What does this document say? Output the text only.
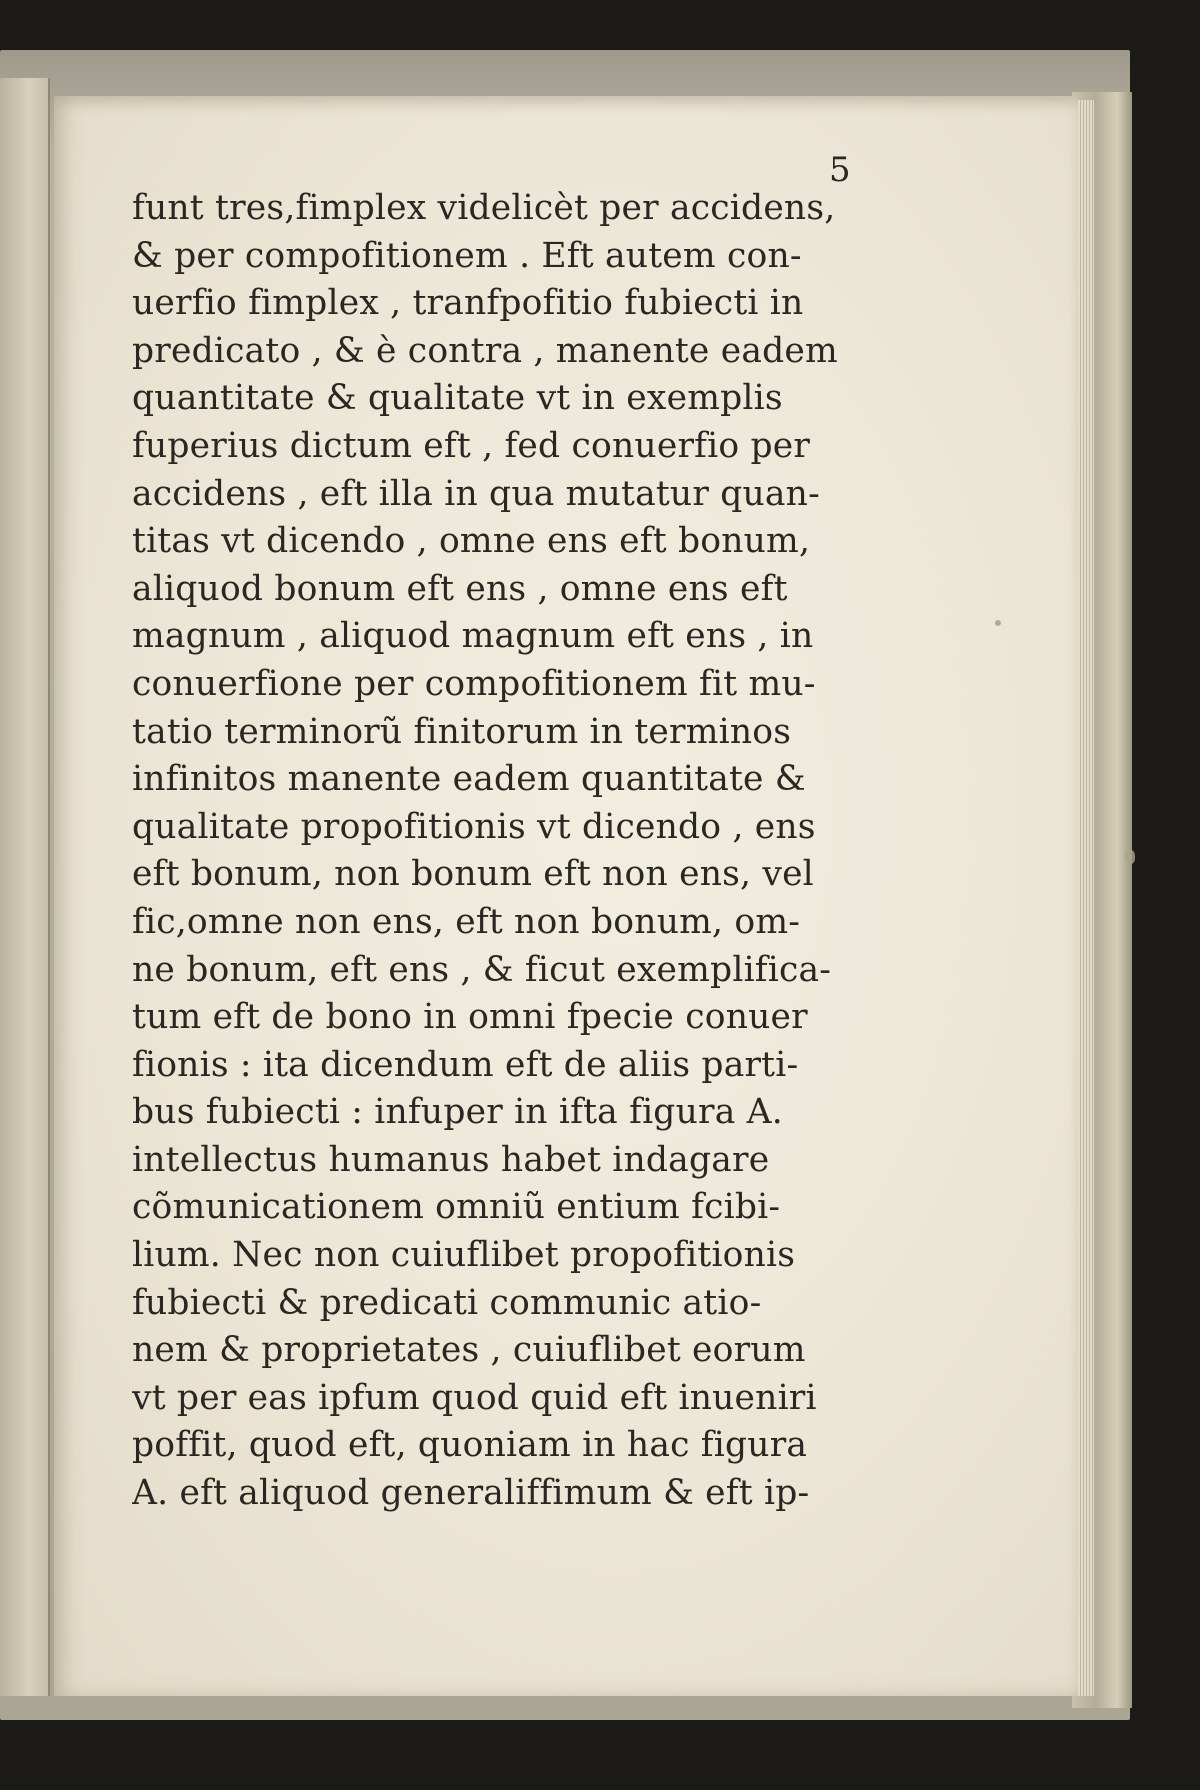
5
funt tres,fimplex videlicèt per accidens,
& per compofitionem . Eft autem con-
uerfio fimplex , tranfpofitio fubiecti in
predicato , & è contra , manente eadem
quantitate & qualitate vt in exemplis
fuperius dictum eft , fed conuerfio per
accidens , eft illa in qua mutatur quan-
titas vt dicendo , omne ens eft bonum,
aliquod bonum eft ens , omne ens eft
magnum , aliquod magnum eft ens , in
conuerfione per compofitionem fit mu-
tatio terminorũ finitorum in terminos
infinitos manente eadem quantitate &
qualitate propofitionis vt dicendo , ens
eft bonum, non bonum eft non ens, vel
fic,omne non ens, eft non bonum, om-
ne bonum, eft ens , & ficut exemplifica-
tum eft de bono in omni fpecie conuer
fionis : ita dicendum eft de aliis parti-
bus fubiecti : infuper in ifta figura A.
intellectus humanus habet indagare
cõmunicationem omniũ entium fcibi-
lium. Nec non cuiuflibet propofitionis
fubiecti & predicati communic atio-
nem & proprietates , cuiuflibet eorum
vt per eas ipfum quod quid eft inueniri
poffit, quod eft, quoniam in hac figura
A. eft aliquod generaliffimum & eft ip-
